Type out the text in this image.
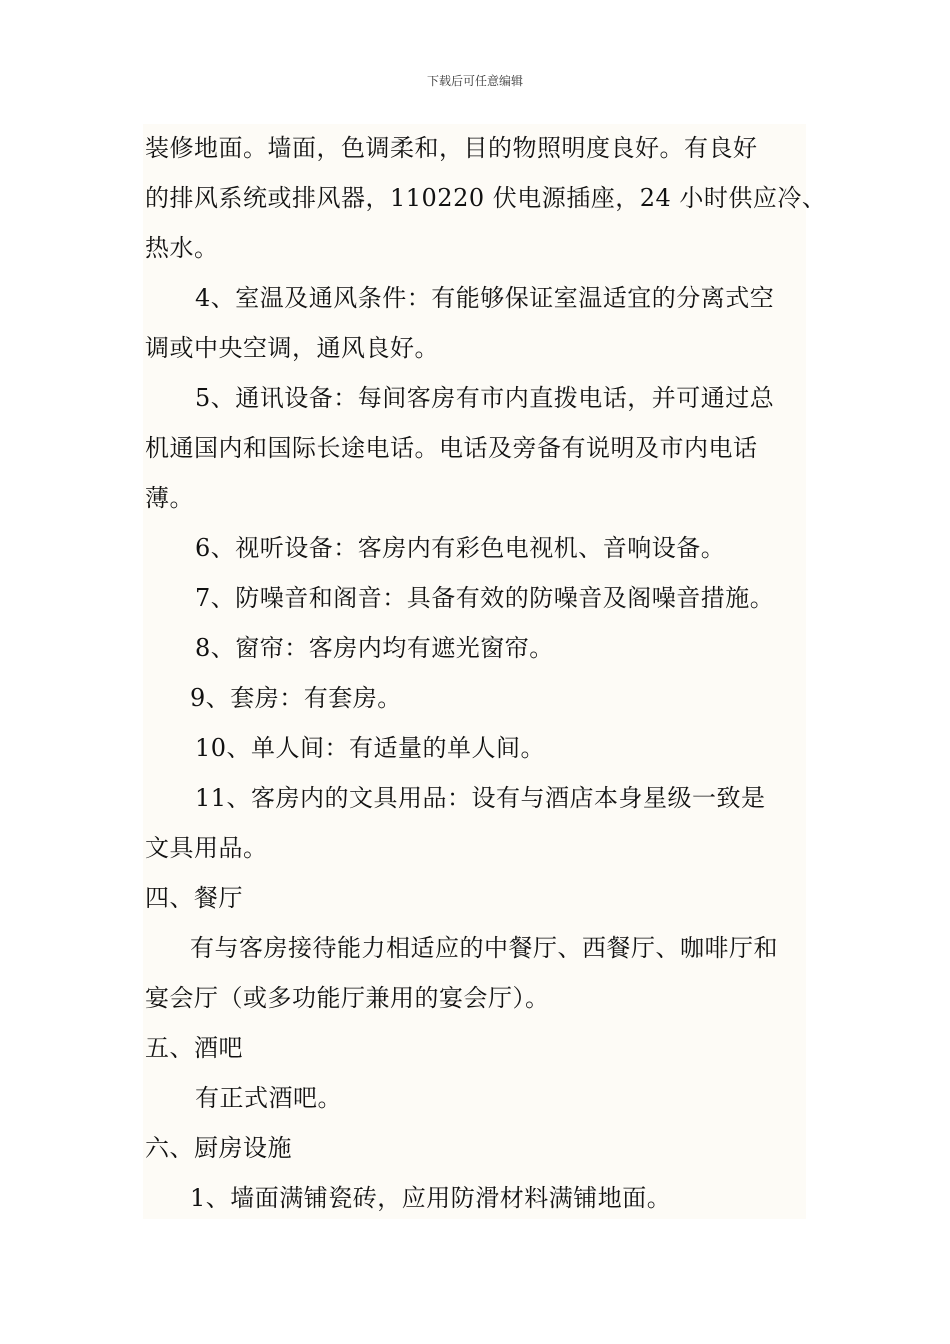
下载后可任意编辑
装修地面。墙面，色调柔和，目的物照明度良好。有良好
的排风系统或排风器，110220 伏电源插座，24 小时供应冷、
热水。
4、室温及通风条件：有能够保证室温适宜的分离式空
调或中央空调，通风良好。
5、通讯设备：每间客房有市内直拨电话，并可通过总
机通国内和国际长途电话。电话及旁备有说明及市内电话
薄。
6、视听设备：客房内有彩色电视机、音响设备。
7、防噪音和阁音：具备有效的防噪音及阁噪音措施。
8、窗帘：客房内均有遮光窗帘。
9、套房：有套房。
10、单人间：有适量的单人间。
11、客房内的文具用品：设有与酒店本身星级一致是
文具用品。
四、餐厅
有与客房接待能力相适应的中餐厅、西餐厅、咖啡厅和
宴会厅（或多功能厅兼用的宴会厅）。
五、酒吧
有正式酒吧。
六、厨房设施
1、墙面满铺瓷砖，应用防滑材料满铺地面。
